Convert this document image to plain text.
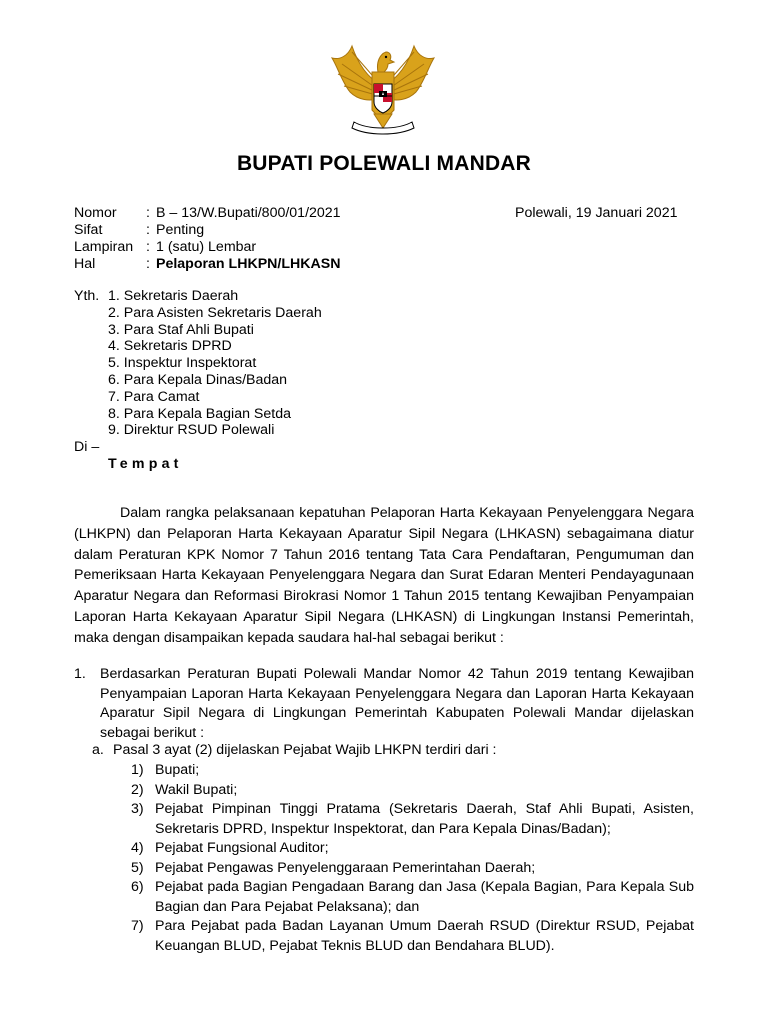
BUPATI POLEWALI MANDAR
Nomor	: B – 13/W.Bupati/800/01/2021
Sifat	: Penting
Lampiran : 1 (satu) Lembar
Hal	: Pelaporan LHKPN/LHKASN
Polewali, 19 Januari 2021
Yth. 1. Sekretaris Daerah
2. Para Asisten Sekretaris Daerah
3. Para Staf Ahli Bupati
4. Sekretaris DPRD
5. Inspektur Inspektorat
6. Para Kepala Dinas/Badan
7. Para Camat
8. Para Kepala Bagian Setda
9. Direktur RSUD Polewali
Di –
Tempat
Dalam rangka pelaksanaan kepatuhan Pelaporan Harta Kekayaan Penyelenggara Negara (LHKPN) dan Pelaporan Harta Kekayaan Aparatur Sipil Negara (LHKASN) sebagaimana diatur dalam Peraturan KPK Nomor 7 Tahun 2016 tentang Tata Cara Pendaftaran, Pengumuman dan Pemeriksaan Harta Kekayaan Penyelenggara Negara dan Surat Edaran Menteri Pendayagunaan Aparatur Negara dan Reformasi Birokrasi Nomor 1 Tahun 2015 tentang Kewajiban Penyampaian Laporan Harta Kekayaan Aparatur Sipil Negara (LHKASN) di Lingkungan Instansi Pemerintah, maka dengan disampaikan kepada saudara hal-hal sebagai berikut :
1. Berdasarkan Peraturan Bupati Polewali Mandar Nomor 42 Tahun 2019 tentang Kewajiban Penyampaian Laporan Harta Kekayaan Penyelenggara Negara dan Laporan Harta Kekayaan Aparatur Sipil Negara di Lingkungan Pemerintah Kabupaten Polewali Mandar dijelaskan sebagai berikut :
a. Pasal 3 ayat (2) dijelaskan Pejabat Wajib LHKPN terdiri dari :
1) Bupati;
2) Wakil Bupati;
3) Pejabat Pimpinan Tinggi Pratama (Sekretaris Daerah, Staf Ahli Bupati, Asisten, Sekretaris DPRD, Inspektur Inspektorat, dan Para Kepala Dinas/Badan);
4) Pejabat Fungsional Auditor;
5) Pejabat Pengawas Penyelenggaraan Pemerintahan Daerah;
6) Pejabat pada Bagian Pengadaan Barang dan Jasa (Kepala Bagian, Para Kepala Sub Bagian dan Para Pejabat Pelaksana); dan
7) Para Pejabat pada Badan Layanan Umum Daerah RSUD (Direktur RSUD, Pejabat Keuangan BLUD, Pejabat Teknis BLUD dan Bendahara BLUD).
